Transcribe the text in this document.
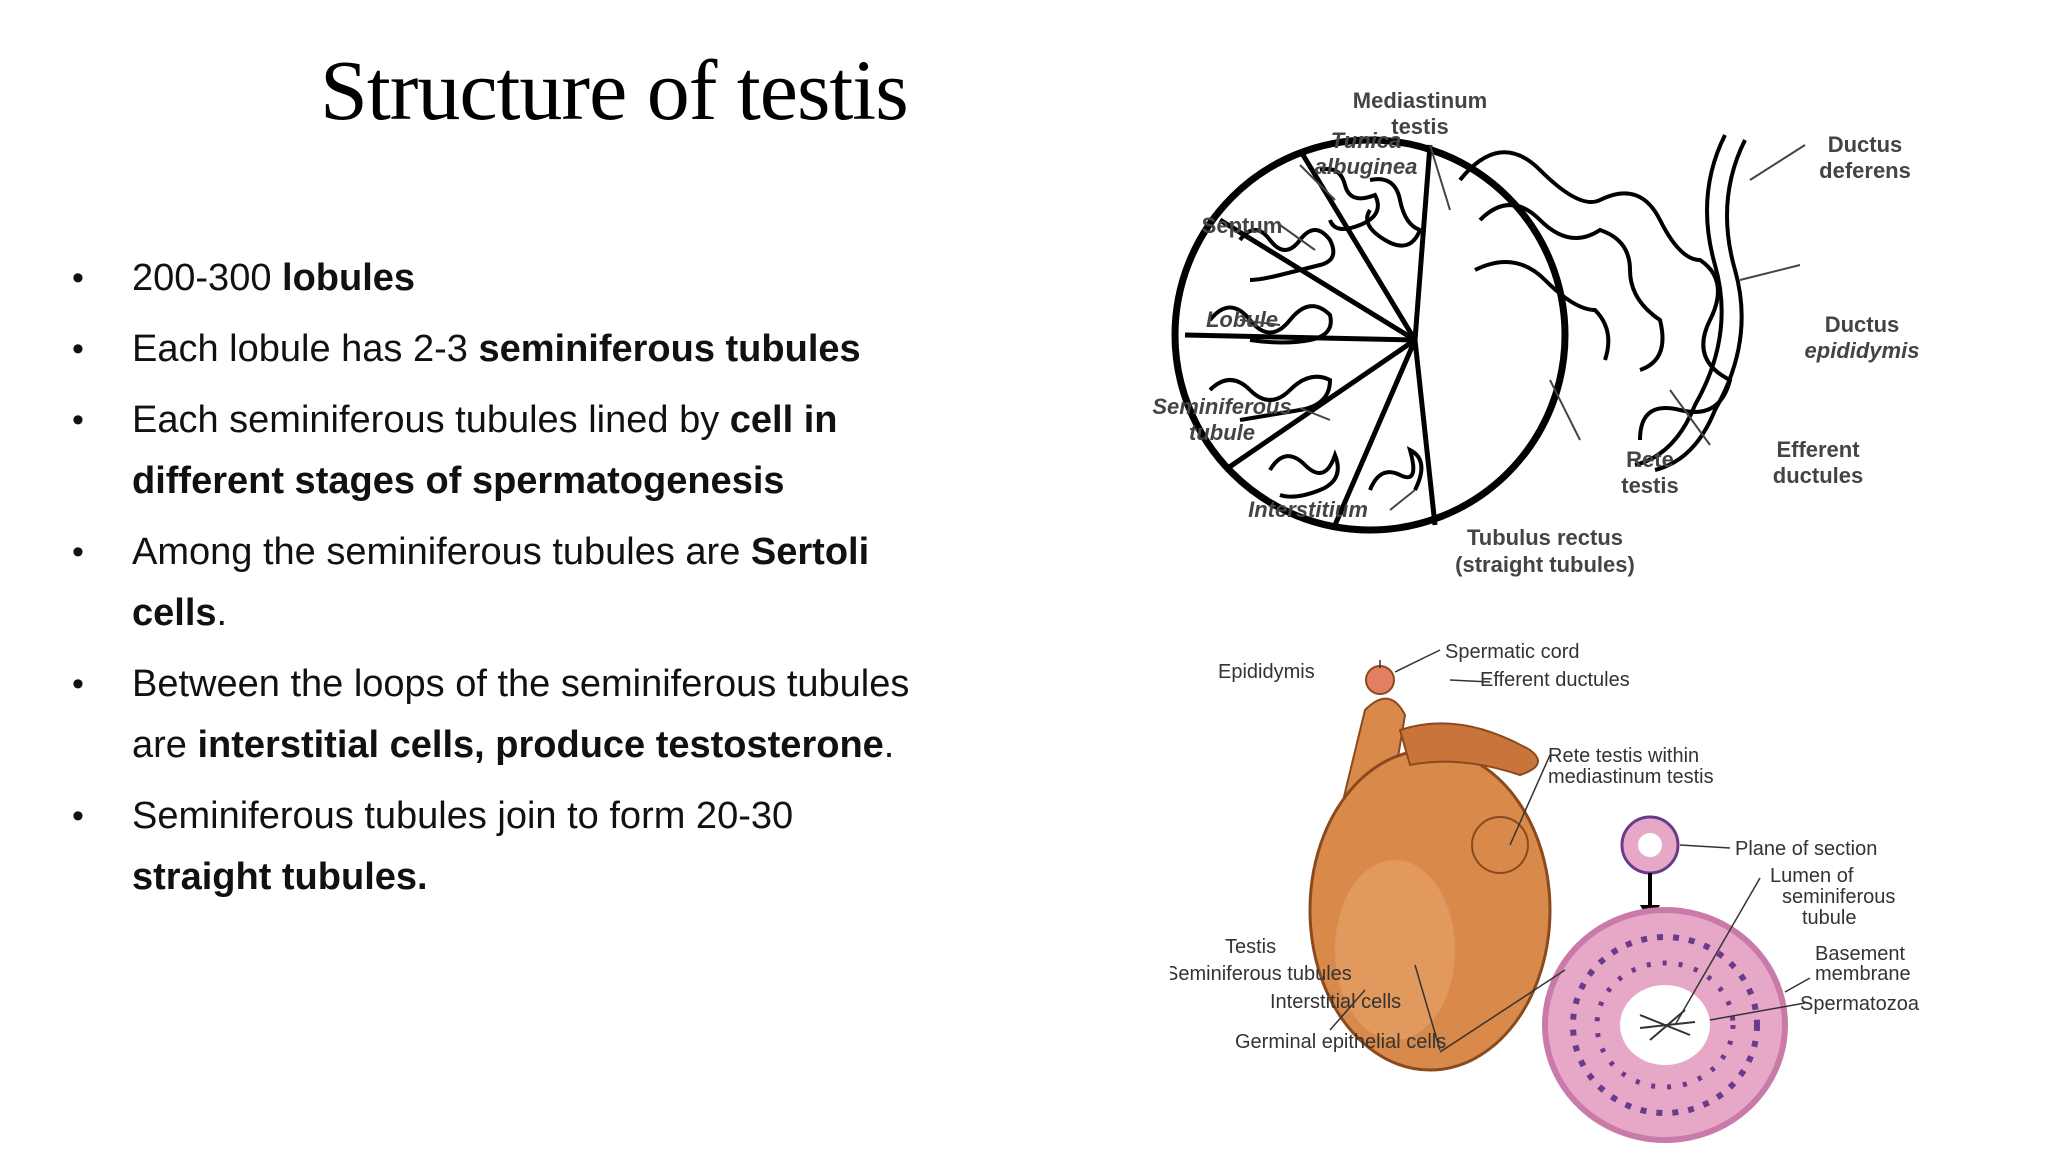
Structure of testis
• 200-300 lobules
• Each lobule has 2-3 seminiferous tubules
• Each seminiferous tubules lined by cell in different stages of spermatogenesis
• Among the seminiferous tubules are Sertoli cells.
• Between the loops of the seminiferous tubules are interstitial cells, produce testosterone.
• Seminiferous tubules join to form 20-30 straight tubules.
Mediastinum
testis
Tunica
albuginea
Septum
Lobule
Seminiferous
tubule
Interstitium
Tubulus rectus
(straight tubules)
Rete
testis
Efferent
ductules
Ductus
epididymis
Ductus
deferens
Epididymis
Spermatic cord
Efferent ductules
Rete testis within
mediastinum testis
Plane of section
Lumen of
seminiferous
tubule
Basement
membrane
Spermatozoa
Testis
Seminiferous tubules
Interstitial cells
Germinal epithelial cells
